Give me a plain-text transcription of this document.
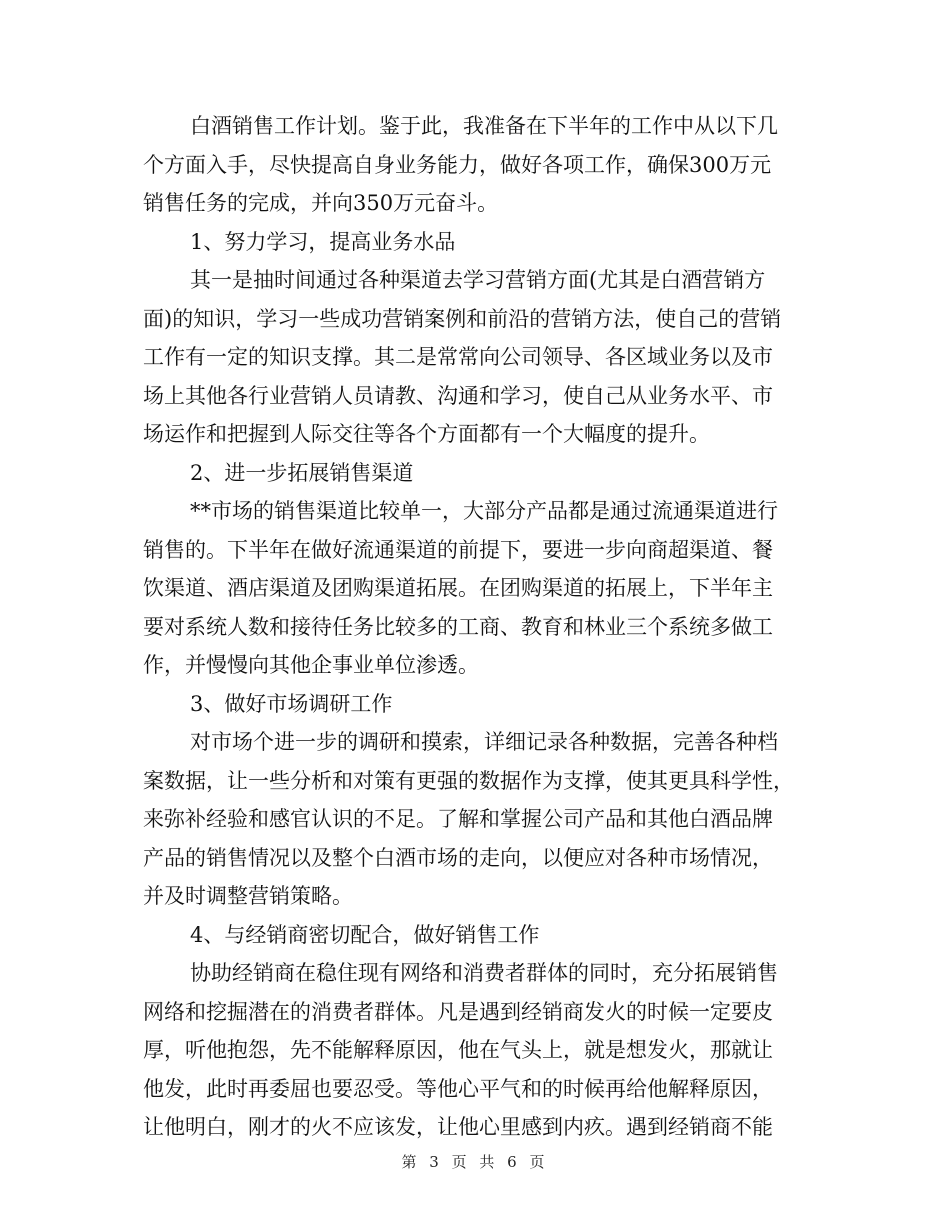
白酒销售工作计划。鉴于此，我准备在下半年的工作中从以下几
个方面入手，尽快提高自身业务能力，做好各项工作，确保300万元
销售任务的完成，并向350万元奋斗。
1、努力学习，提高业务水品
其一是抽时间通过各种渠道去学习营销方面(尤其是白酒营销方
面)的知识，学习一些成功营销案例和前沿的营销方法，使自己的营销
工作有一定的知识支撑。其二是常常向公司领导、各区域业务以及市
场上其他各行业营销人员请教、沟通和学习，使自己从业务水平、市
场运作和把握到人际交往等各个方面都有一个大幅度的提升。
2、进一步拓展销售渠道
**市场的销售渠道比较单一，大部分产品都是通过流通渠道进行
销售的。下半年在做好流通渠道的前提下，要进一步向商超渠道、餐
饮渠道、酒店渠道及团购渠道拓展。在团购渠道的拓展上，下半年主
要对系统人数和接待任务比较多的工商、教育和林业三个系统多做工
作，并慢慢向其他企事业单位渗透。
3、做好市场调研工作
对市场个进一步的调研和摸索，详细记录各种数据，完善各种档
案数据，让一些分析和对策有更强的数据作为支撑，使其更具科学性，
来弥补经验和感官认识的不足。了解和掌握公司产品和其他白酒品牌
产品的销售情况以及整个白酒市场的走向，以便应对各种市场情况，
并及时调整营销策略。
4、与经销商密切配合，做好销售工作
协助经销商在稳住现有网络和消费者群体的同时，充分拓展销售
网络和挖掘潜在的消费者群体。凡是遇到经销商发火的时候一定要皮
厚，听他抱怨，先不能解释原因，他在气头上，就是想发火，那就让
他发，此时再委屈也要忍受。等他心平气和的时候再给他解释原因，
让他明白，刚才的火不应该发，让他心里感到内疚。遇到经销商不能
第 3 页 共 6 页
